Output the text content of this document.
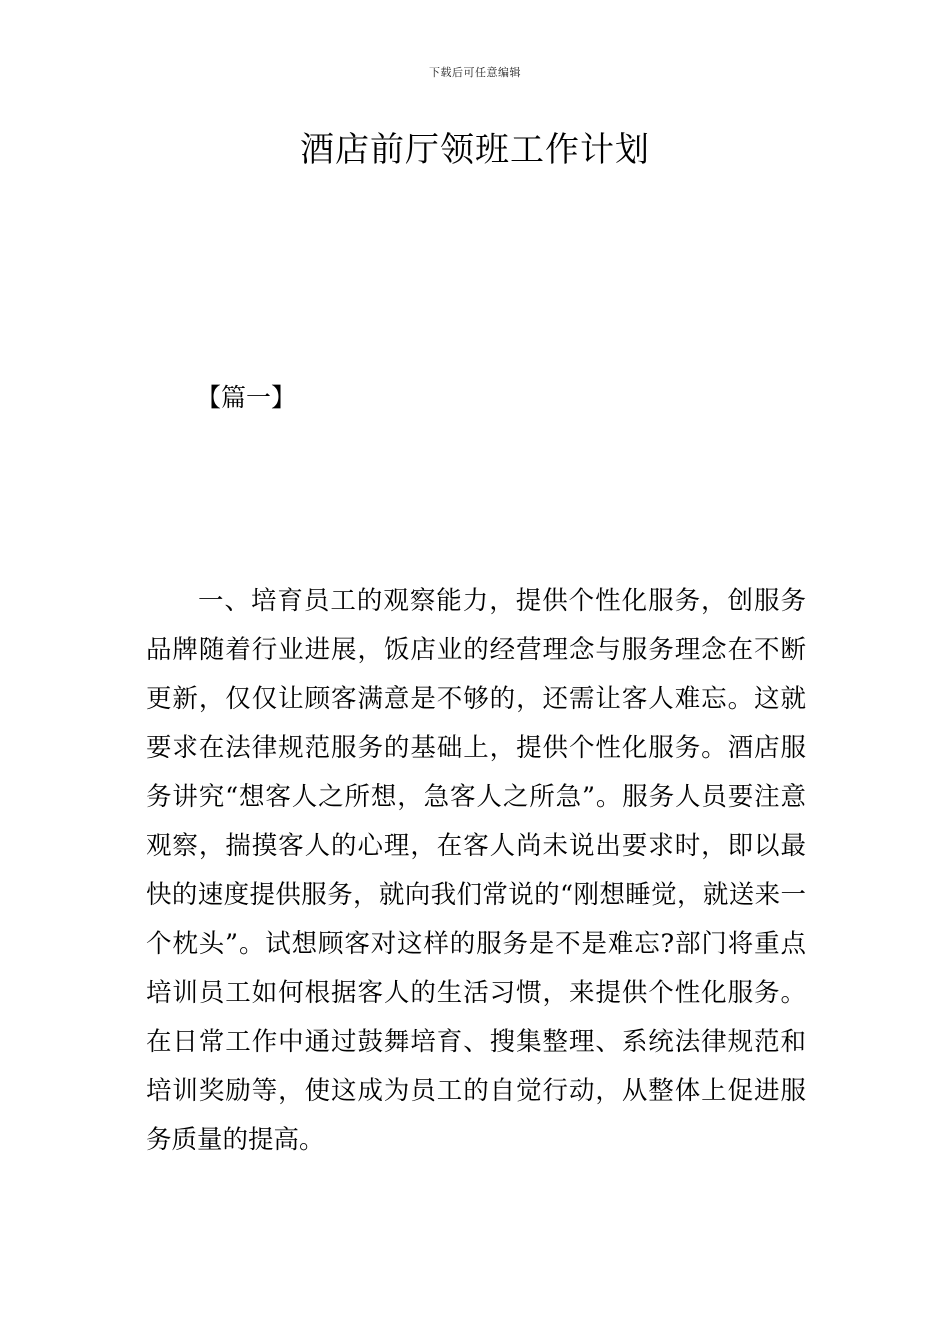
下载后可任意编辑
酒店前厅领班工作计划
【篇一】

一、培育员工的观察能力，提供个性化服务，创服务品牌随着行业进展，饭店业的经营理念与服务理念在不断更新，仅仅让顾客满意是不够的，还需让客人难忘。这就要求在法律规范服务的基础上，提供个性化服务。酒店服务讲究“想客人之所想，急客人之所急”。服务人员要注意观察，揣摸客人的心理，在客人尚未说出要求时，即以最快的速度提供服务，就向我们常说的“刚想睡觉，就送来一个枕头”。试想顾客对这样的服务是不是难忘?部门将重点培训员工如何根据客人的生活习惯，来提供个性化服务。在日常工作中通过鼓舞培育、搜集整理、系统法律规范和培训奖励等，使这成为员工的自觉行动，从整体上促进服务质量的提高。
